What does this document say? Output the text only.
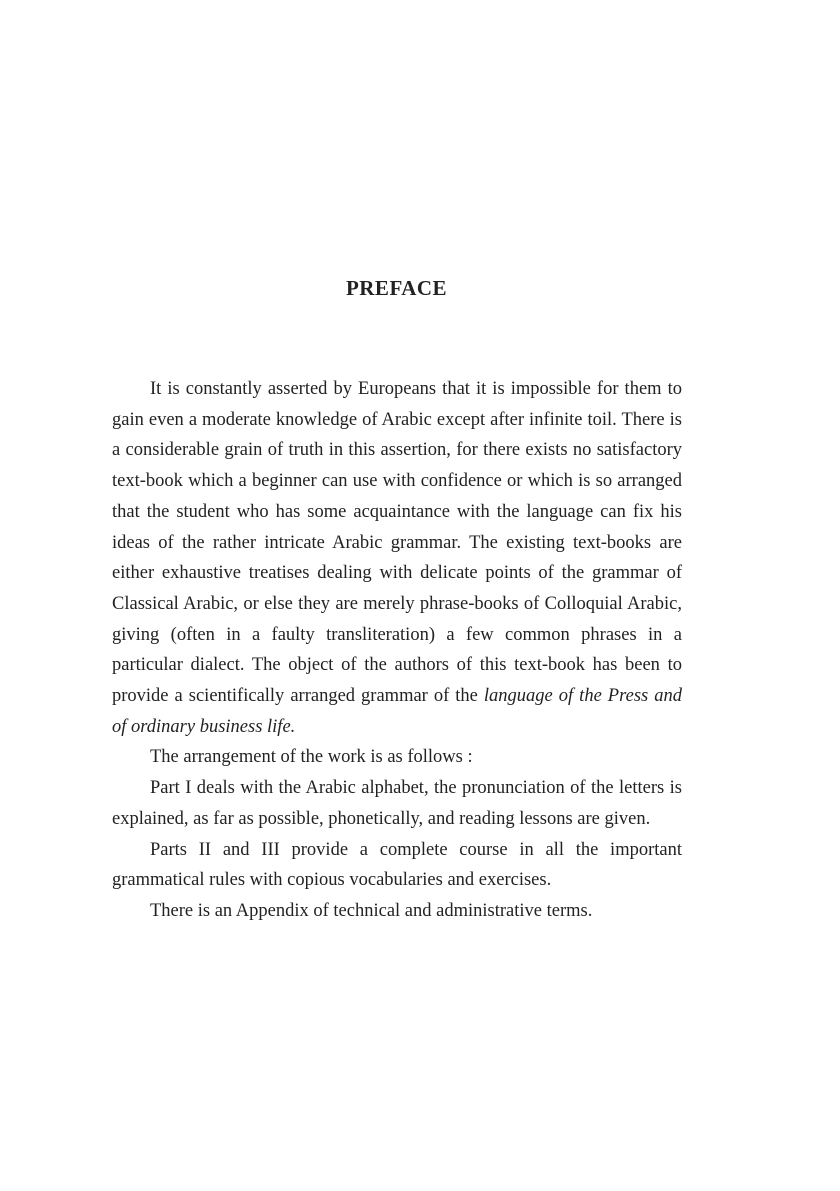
PREFACE

It is constantly asserted by Europeans that it is impossible for them to gain even a moderate knowledge of Arabic except after infinite toil. There is a considerable grain of truth in this assertion, for there exists no satisfactory text-book which a beginner can use with confidence or which is so arranged that the student who has some acquaintance with the language can fix his ideas of the rather intricate Arabic grammar. The existing text-books are either exhaustive treatises dealing with delicate points of the grammar of Classical Arabic, or else they are merely phrase-books of Colloquial Arabic, giving (often in a faulty transliteration) a few common phrases in a particular dialect. The object of the authors of this text-book has been to provide a scientifically arranged grammar of the language of the Press and of ordinary business life.

The arrangement of the work is as follows :

Part I deals with the Arabic alphabet, the pronunciation of the letters is explained, as far as possible, phonetically, and reading lessons are given.

Parts II and III provide a complete course in all the important grammatical rules with copious vocabularies and exercises.

There is an Appendix of technical and administrative terms.
